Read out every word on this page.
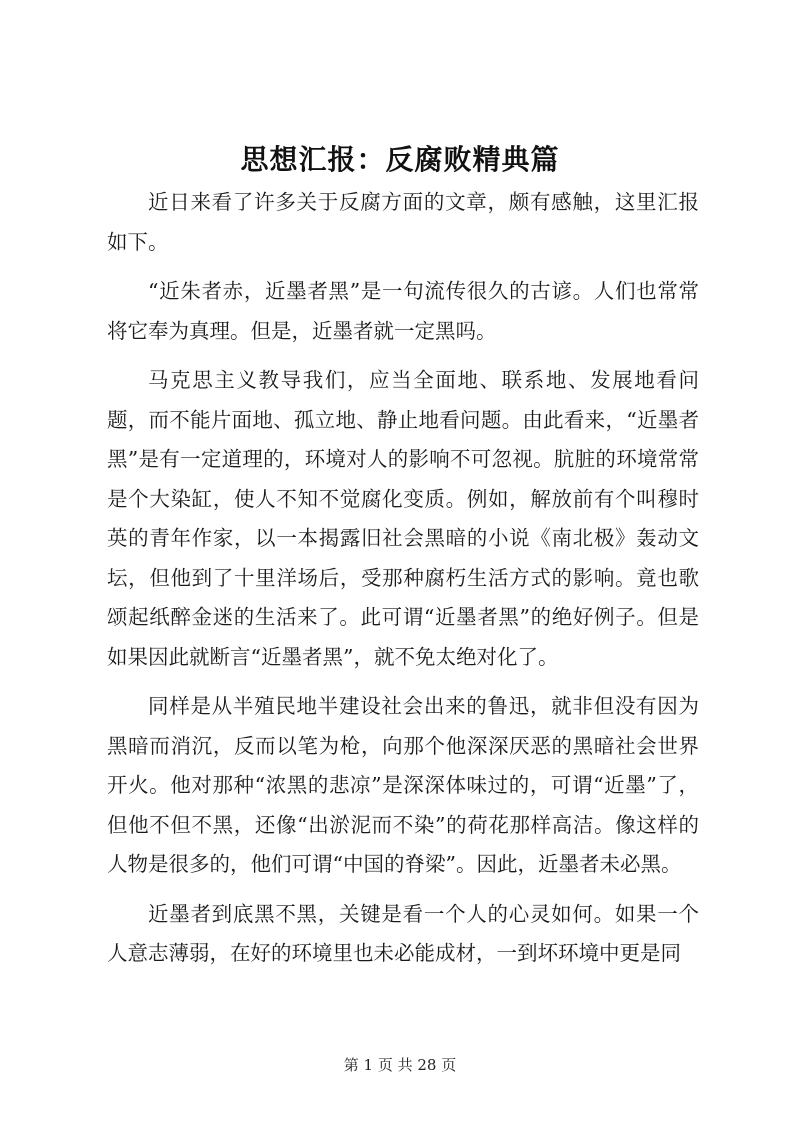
思想汇报：反腐败精典篇

近日来看了许多关于反腐方面的文章，颇有感触，这里汇报如下。

“近朱者赤，近墨者黑”是一句流传很久的古谚。人们也常常将它奉为真理。但是，近墨者就一定黑吗。

马克思主义教导我们，应当全面地、联系地、发展地看问题，而不能片面地、孤立地、静止地看问题。由此看来，“近墨者黑”是有一定道理的，环境对人的影响不可忽视。肮脏的环境常常是个大染缸，使人不知不觉腐化变质。例如，解放前有个叫穆时英的青年作家，以一本揭露旧社会黑暗的小说《南北极》轰动文坛，但他到了十里洋场后，受那种腐朽生活方式的影响。竟也歌颂起纸醉金迷的生活来了。此可谓“近墨者黑”的绝好例子。但是如果因此就断言“近墨者黑”，就不免太绝对化了。

同样是从半殖民地半建设社会出来的鲁迅，就非但没有因为黑暗而消沉，反而以笔为枪，向那个他深深厌恶的黑暗社会世界开火。他对那种“浓黑的悲凉”是深深体味过的，可谓“近墨”了，但他不但不黑，还像“出淤泥而不染”的荷花那样高洁。像这样的人物是很多的，他们可谓“中国的脊梁”。因此，近墨者未必黑。

近墨者到底黑不黑，关键是看一个人的心灵如何。如果一个人意志薄弱，在好的环境里也未必能成材，一到坏环境中更是同

第 1 页 共 28 页
